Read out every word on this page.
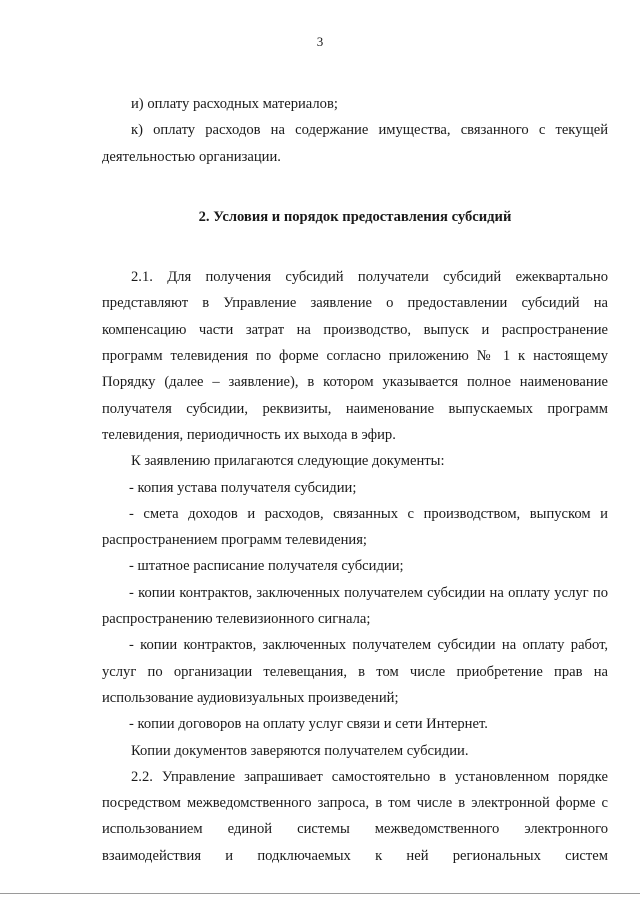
3

и) оплату расходных материалов;

к) оплату расходов на содержание имущества, связанного с текущей деятельностью организации.

2. Условия и порядок предоставления субсидий

2.1. Для получения субсидий получатели субсидий ежеквартально представляют в Управление заявление о предоставлении субсидий на компенсацию части затрат на производство, выпуск и распространение программ телевидения по форме согласно приложению № 1 к настоящему Порядку (далее – заявление), в котором указывается полное наименование получателя субсидии, реквизиты, наименование выпускаемых программ телевидения, периодичность их выхода в эфир.

К заявлению прилагаются следующие документы:

- копия устава получателя субсидии;

- смета доходов и расходов, связанных с производством, выпуском и распространением программ телевидения;

- штатное расписание получателя субсидии;

- копии контрактов, заключенных получателем субсидии на оплату услуг по распространению телевизионного сигнала;

- копии контрактов, заключенных получателем субсидии на оплату работ, услуг по организации телевещания, в том числе приобретение прав на использование аудиовизуальных произведений;

- копии договоров на оплату услуг связи и сети Интернет.

Копии документов заверяются получателем субсидии.

2.2. Управление запрашивает самостоятельно в установленном порядке посредством межведомственного запроса, в том числе в электронной форме с использованием единой системы межведомственного электронного взаимодействия и подключаемых к ней региональных систем
